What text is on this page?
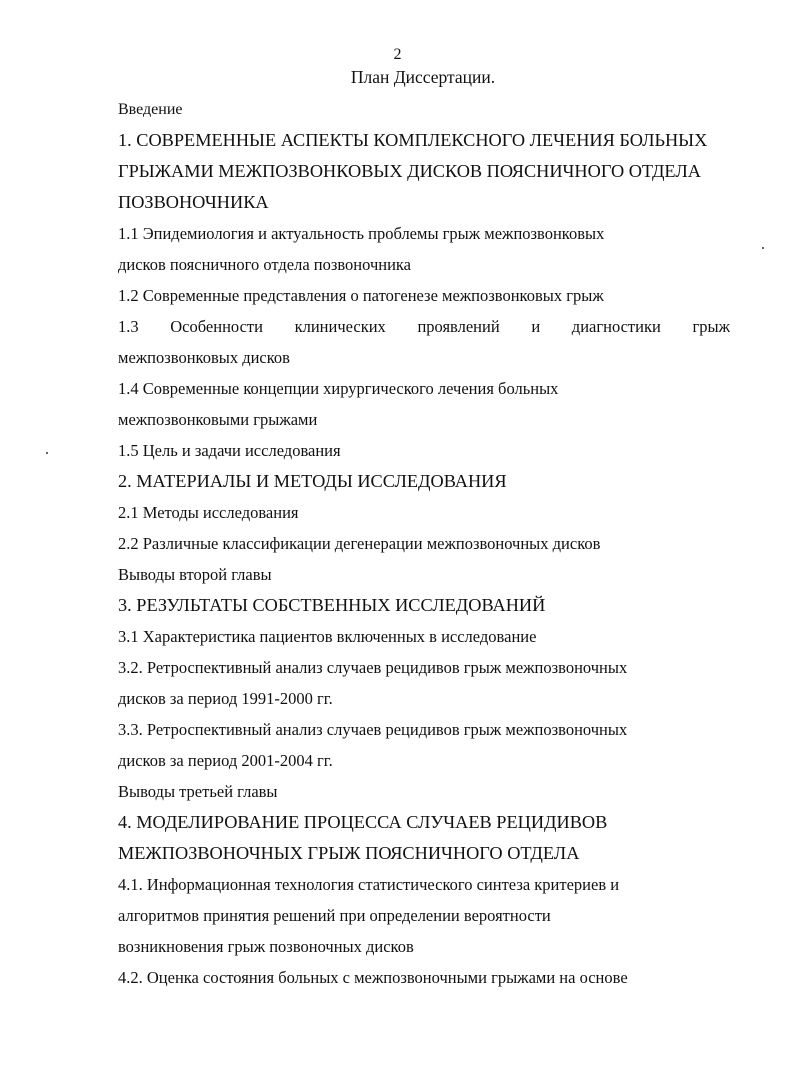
2
План Диссертации.
Введение
1. СОВРЕМЕННЫЕ АСПЕКТЫ КОМПЛЕКСНОГО ЛЕЧЕНИЯ БОЛЬНЫХ
ГРЫЖАМИ МЕЖПОЗВОНКОВЫХ ДИСКОВ ПОЯСНИЧНОГО ОТДЕЛА
ПОЗВОНОЧНИКА
1.1 Эпидемиология и актуальность проблемы грыж межпозвонковых
дисков поясничного отдела позвоночника
1.2 Современные представления о патогенезе межпозвонковых грыж
1.3 Особенности клинических проявлений и диагностики грыж
межпозвонковых дисков
1.4 Современные концепции хирургического лечения больных
межпозвонковыми грыжами
1.5 Цель и задачи исследования
2. МАТЕРИАЛЫ И МЕТОДЫ ИССЛЕДОВАНИЯ
2.1 Методы исследования
2.2 Различные классификации дегенерации межпозвоночных дисков
Выводы второй главы
3. РЕЗУЛЬТАТЫ СОБСТВЕННЫХ ИССЛЕДОВАНИЙ
3.1 Характеристика пациентов включенных в исследование
3.2. Ретроспективный анализ случаев рецидивов грыж межпозвоночных
дисков за период 1991-2000 гг.
3.3. Ретроспективный анализ случаев рецидивов грыж межпозвоночных
дисков за период 2001-2004 гг.
Выводы третьей главы
4. МОДЕЛИРОВАНИЕ ПРОЦЕССА СЛУЧАЕВ РЕЦИДИВОВ
МЕЖПОЗВОНОЧНЫХ ГРЫЖ ПОЯСНИЧНОГО ОТДЕЛА
4.1. Информационная технология статистического синтеза критериев и
алгоритмов принятия решений при определении вероятности
возникновения грыж позвоночных дисков
4.2. Оценка состояния больных с межпозвоночными грыжами на основе
